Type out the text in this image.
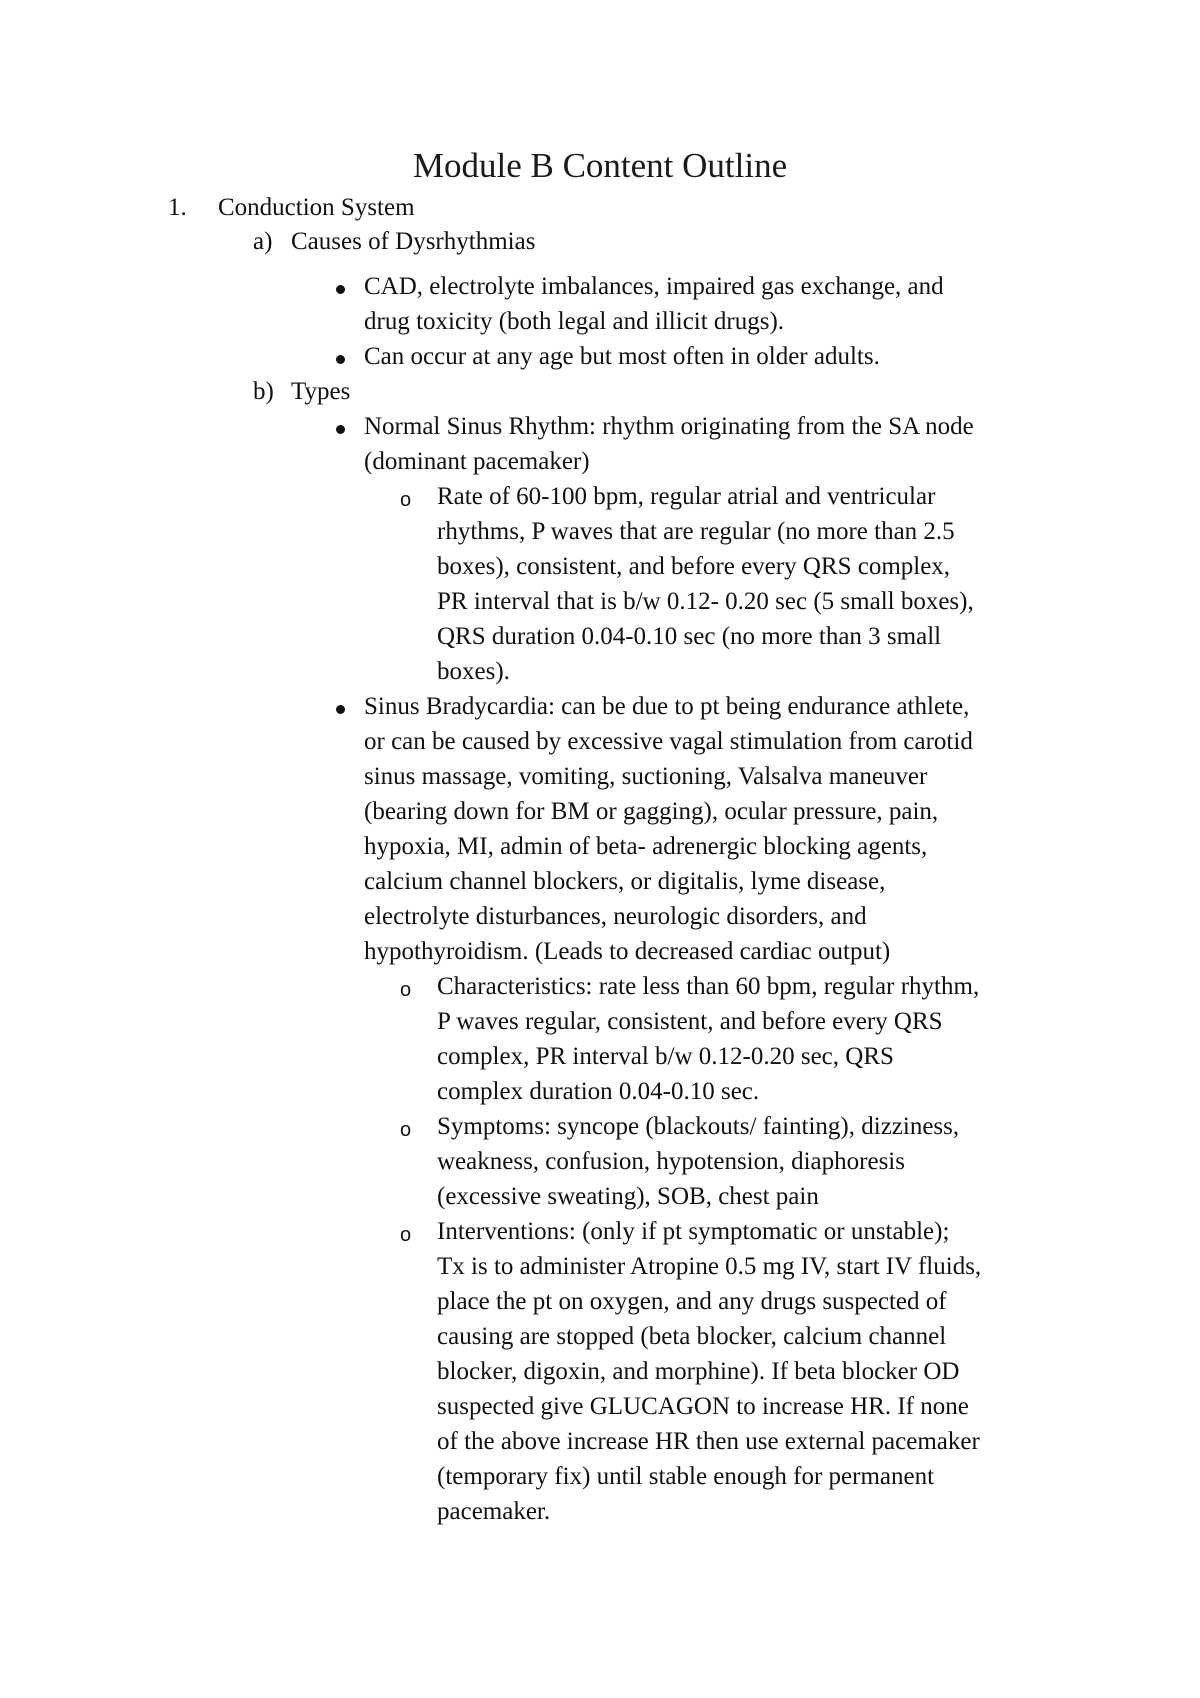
Module B Content Outline
1. Conduction System
a) Causes of Dysrhythmias
CAD, electrolyte imbalances, impaired gas exchange, and
drug toxicity (both legal and illicit drugs).
Can occur at any age but most often in older adults.
b) Types
Normal Sinus Rhythm: rhythm originating from the SA node
(dominant pacemaker)
o Rate of 60-100 bpm, regular atrial and ventricular
rhythms, P waves that are regular (no more than 2.5
boxes), consistent, and before every QRS complex,
PR interval that is b/w 0.12- 0.20 sec (5 small boxes),
QRS duration 0.04-0.10 sec (no more than 3 small
boxes).
Sinus Bradycardia: can be due to pt being endurance athlete,
or can be caused by excessive vagal stimulation from carotid
sinus massage, vomiting, suctioning, Valsalva maneuver
(bearing down for BM or gagging), ocular pressure, pain,
hypoxia, MI, admin of beta- adrenergic blocking agents,
calcium channel blockers, or digitalis, lyme disease,
electrolyte disturbances, neurologic disorders, and
hypothyroidism. (Leads to decreased cardiac output)
o Characteristics: rate less than 60 bpm, regular rhythm,
P waves regular, consistent, and before every QRS
complex, PR interval b/w 0.12-0.20 sec, QRS
complex duration 0.04-0.10 sec.
o Symptoms: syncope (blackouts/ fainting), dizziness,
weakness, confusion, hypotension, diaphoresis
(excessive sweating), SOB, chest pain
o Interventions: (only if pt symptomatic or unstable);
Tx is to administer Atropine 0.5 mg IV, start IV fluids,
place the pt on oxygen, and any drugs suspected of
causing are stopped (beta blocker, calcium channel
blocker, digoxin, and morphine). If beta blocker OD
suspected give GLUCAGON to increase HR. If none
of the above increase HR then use external pacemaker
(temporary fix) until stable enough for permanent
pacemaker.
